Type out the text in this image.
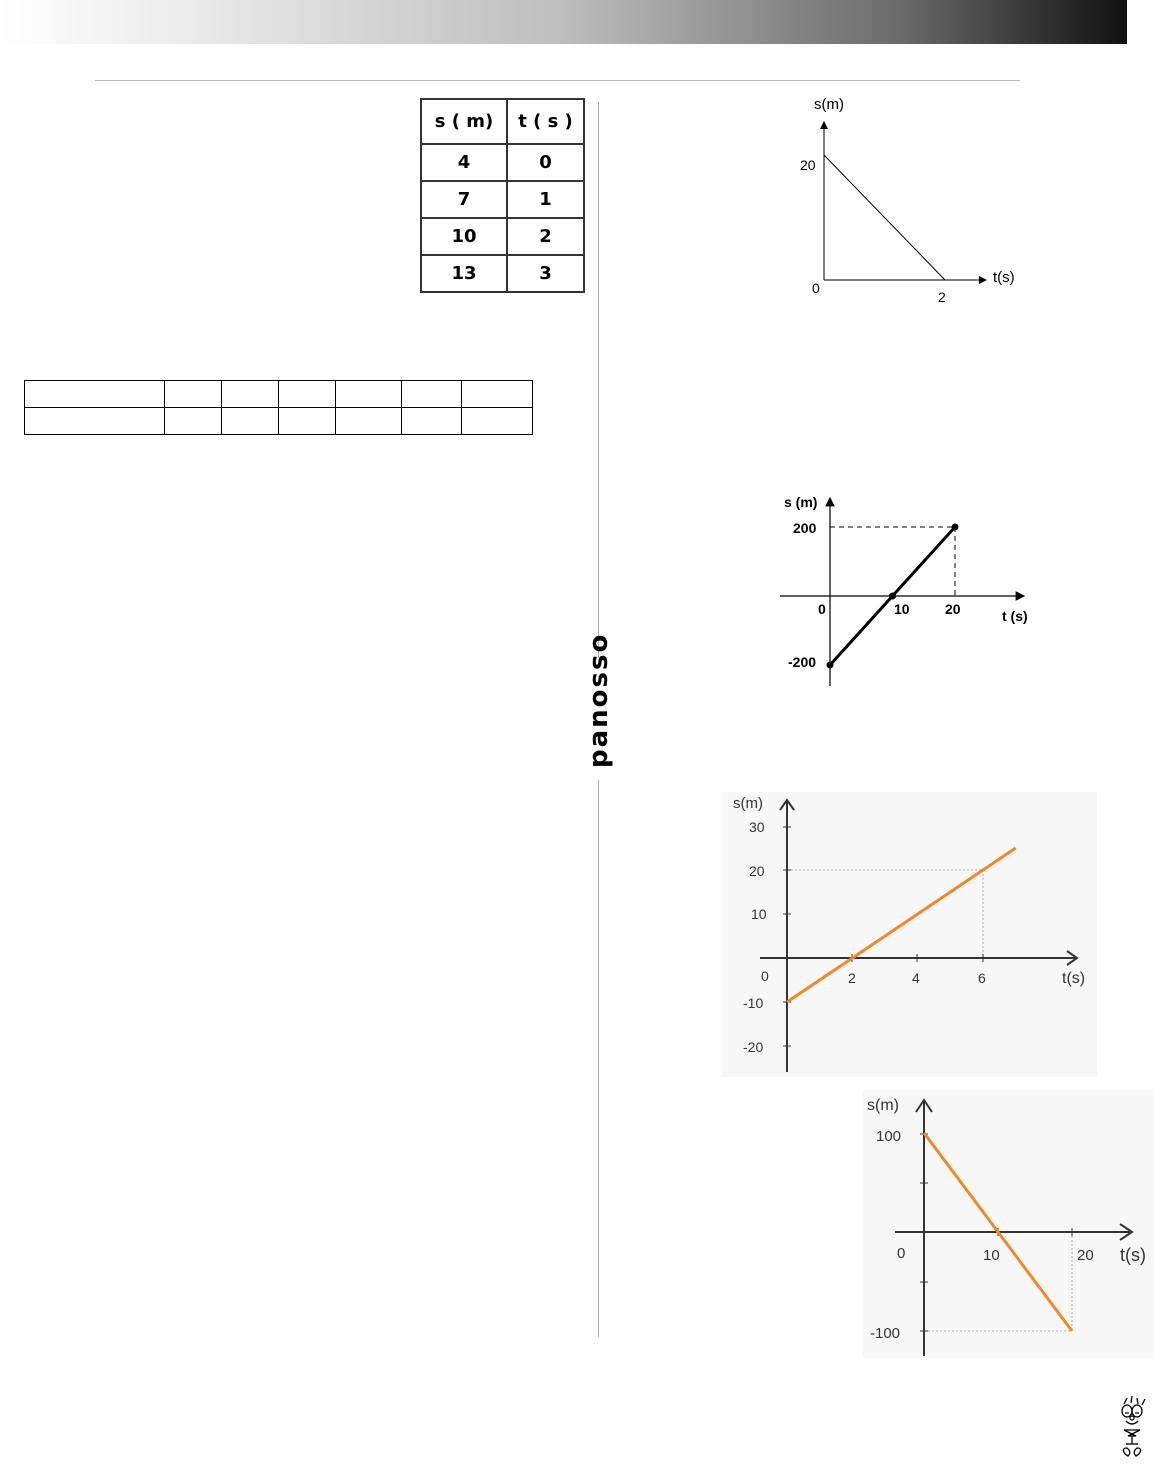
panosso
s ( m)	t ( s )
4	0
7	1
10	2
13	3

s(m)
t(s)
0
20
2
s (m)
t (s)
0
200
-200
10	20
s(m)
t(s)
0
30
20
10
-10
-20
2	4	6
s(m)
t(s)
0
100
-100
10	20
